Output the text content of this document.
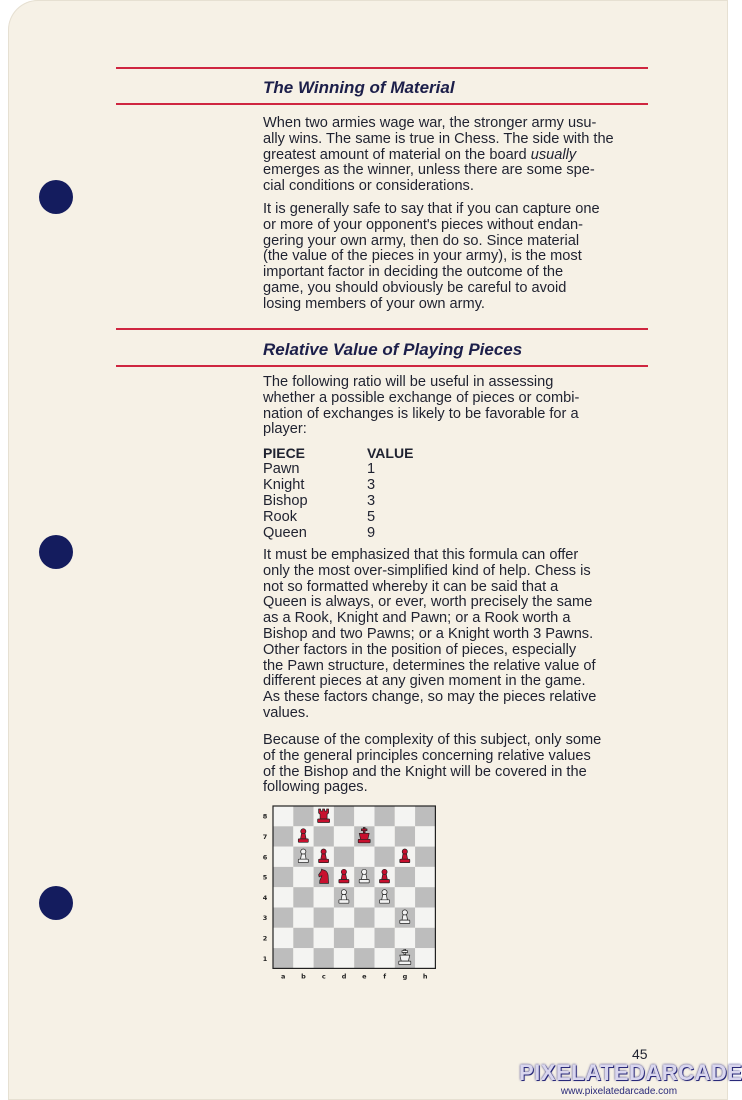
The Winning of Material

When two armies wage war, the stronger army usu-
ally wins. The same is true in Chess. The side with the
greatest amount of material on the board usually
emerges as the winner, unless there are some spe-
cial conditions or considerations.

It is generally safe to say that if you can capture one
or more of your opponent's pieces without endan-
gering your own army, then do so. Since material
(the value of the pieces in your army), is the most
important factor in deciding the outcome of the
game, you should obviously be careful to avoid
losing members of your own army.

Relative Value of Playing Pieces

The following ratio will be useful in assessing
whether a possible exchange of pieces or combi-
nation of exchanges is likely to be favorable for a
player:

PIECE	VALUE
Pawn	1
Knight	3
Bishop	3
Rook	5
Queen	9

It must be emphasized that this formula can offer
only the most over-simplified kind of help. Chess is
not so formatted whereby it can be said that a
Queen is always, or ever, worth precisely the same
as a Rook, Knight and Pawn; or a Rook worth a
Bishop and two Pawns; or a Knight worth 3 Pawns.
Other factors in the position of pieces, especially
the Pawn structure, determines the relative value of
different pieces at any given moment in the game.
As these factors change, so may the pieces relative
values.

Because of the complexity of this subject, only some
of the general principles concerning relative values
of the Bishop and the Knight will be covered in the
following pages.

8
7
6
5
4
3
2
1
a b c d e	f	g h
45
PIXELATEDARCADE
www.pixelatedarcade.com
